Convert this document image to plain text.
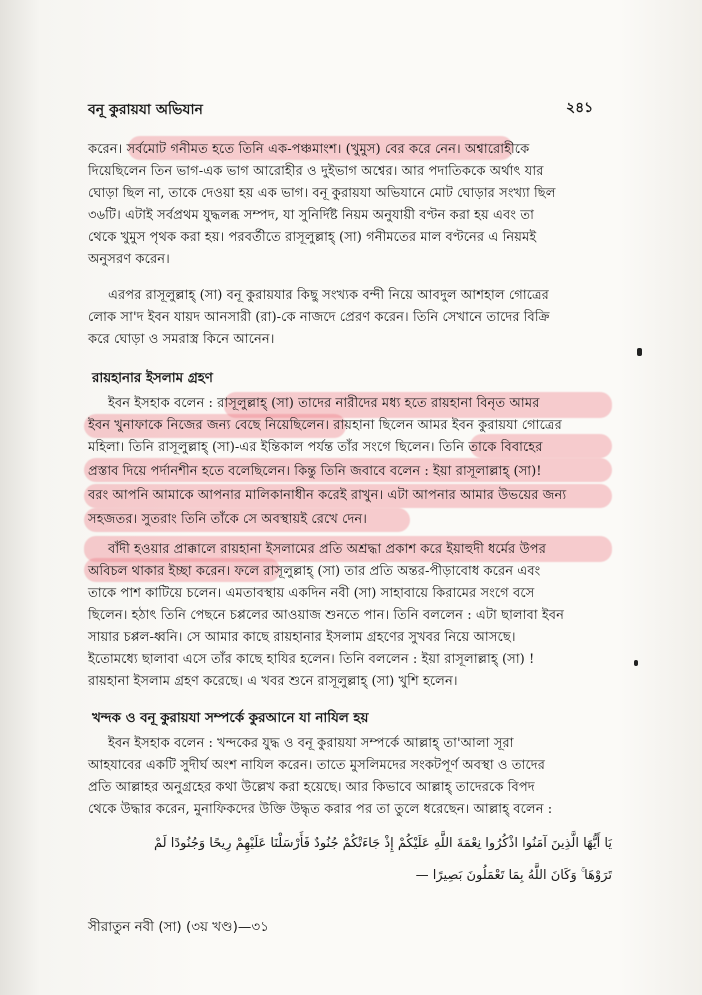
বনূ কুরায়যা অভিযান	২৪১
করেন। সর্বমোট গনীমত হতে তিনি এক-পঞ্চমাংশ। (খুমুস) বের করে নেন। অশ্বারোহীকে
দিয়েছিলেন তিন ভাগ-এক ভাগ আরোহীর ও দুইভাগ অশ্বের। আর পদাতিককে অর্থাৎ যার
ঘোড়া ছিল না, তাকে দেওয়া হয় এক ভাগ। বনূ কুরায়যা অভিযানে মোট ঘোড়ার সংখ্যা ছিল
৩৬টি। এটাই সর্বপ্রথম যুদ্ধলব্ধ সম্পদ, যা সুনির্দিষ্ট নিয়ম অনুযায়ী বণ্টন করা হয় এবং তা
থেকে খুমুস পৃথক করা হয়। পরবর্তীতে রাসূলুল্লাহ্ (সা) গনীমতের মাল বণ্টনের এ নিয়মই
অনুসরণ করেন।
এরপর রাসূলুল্লাহ্ (সা) বনূ কুরায়যার কিছু সংখ্যক বন্দী নিয়ে আবদুল আশহাল গোত্রের
লোক সা'দ ইবন যায়দ আনসারী (রা)-কে নাজদে প্রেরণ করেন। তিনি সেখানে তাদের বিক্রি
করে ঘোড়া ও সমরাস্ত্র কিনে আনেন।
রায়হানার ইসলাম গ্রহণ
ইবন ইসহাক বলেন : রাসূলুল্লাহ্ (সা) তাদের নারীদের মধ্য হতে রায়হানা বিনৃত আমর
ইবন খুনাফাকে নিজের জন্য বেছে নিয়েছিলেন। রায়হানা ছিলেন আমর ইবন কুরায়যা গোত্রের
মহিলা। তিনি রাসূলুল্লাহ্ (সা)-এর ইন্তিকাল পর্যন্ত তাঁর সংগে ছিলেন। তিনি তাকে বিবাহের
প্রস্তাব দিয়ে পর্দানশীন হতে বলেছিলেন। কিন্তু তিনি জবাবে বলেন : ইয়া রাসূলাল্লাহ্ (সা)!
বরং আপনি আমাকে আপনার মালিকানাধীন করেই রাখুন। এটা আপনার আমার উভয়ের জন্য
সহজতর। সুতরাং তিনি তাঁকে সে অবস্থায়ই রেখে দেন।
বাঁদী হওয়ার প্রাক্কালে রায়হানা ইসলামের প্রতি অশ্রদ্ধা প্রকাশ করে ইয়াহুদী ধর্মের উপর
অবিচল থাকার ইচ্ছা করেন। ফলে রাসূলুল্লাহ্ (সা) তার প্রতি অন্তর-পীড়াবোধ করেন এবং
তাকে পাশ কাটিয়ে চলেন। এমতাবস্থায় একদিন নবী (সা) সাহাবায়ে কিরামের সংগে বসে
ছিলেন। হঠাৎ তিনি পেছনে চপ্পলের আওয়াজ শুনতে পান। তিনি বললেন : এটা ছালাবা ইবন
সায়ার চপ্পল-ধ্বনি। সে আমার কাছে রায়হানার ইসলাম গ্রহণের সুখবর নিয়ে আসছে।
ইতোমধ্যে ছালাবা এসে তাঁর কাছে হাযির হলেন। তিনি বললেন : ইয়া রাসূলাল্লাহ্ (সা) !
রায়হানা ইসলাম গ্রহণ করেছে। এ খবর শুনে রাসূলুল্লাহ্ (সা) খুশি হলেন।
খন্দক ও বনূ কুরায়যা সম্পর্কে কুরআনে যা নাযিল হয়
ইবন ইসহাক বলেন : খন্দকের যুদ্ধ ও বনূ কুরায়যা সম্পর্কে আল্লাহ্ তা'আলা সূরা
আহযাবের একটি সুদীর্ঘ অংশ নাযিল করেন। তাতে মুসলিমদের সংকটপূর্ণ অবস্থা ও তাদের
প্রতি আল্লাহর অনুগ্রহের কথা উল্লেখ করা হয়েছে। আর কিভাবে আল্লাহ্ তাদেরকে বিপদ
থেকে উদ্ধার করেন, মুনাফিকদের উক্তি উদ্ধৃত করার পর তা তুলে ধরেছেন। আল্লাহ্ বলেন :
يَا أَيُّهَا الَّذِينَ آمَنُوا اذْكُرُوا نِعْمَةَ اللَّهِ عَلَيْكُمْ إِذْ جَاءَتْكُمْ جُنُودٌ فَأَرْسَلْنَا عَلَيْهِمْ رِيحًا وَجُنُودًا لَمْ
تَرَوْهَا ۚ وَكَانَ اللَّهُ بِمَا تَعْمَلُونَ بَصِيرًا —
সীরাতুন নবী (সা) (৩য় খণ্ড)—৩১
